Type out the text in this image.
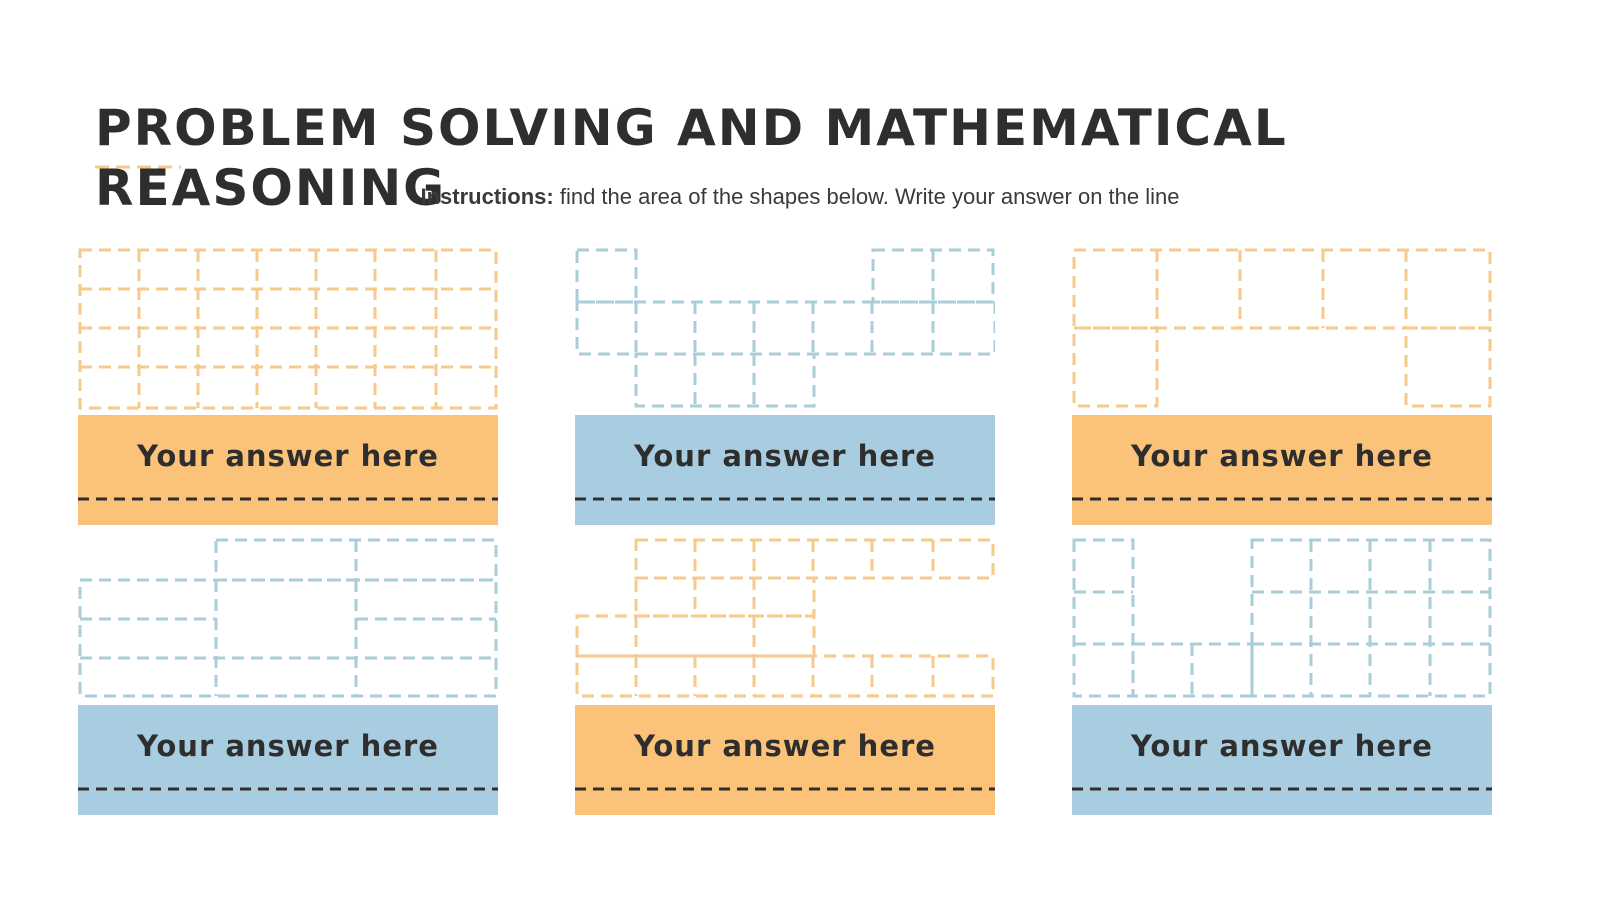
PROBLEM SOLVING AND MATHEMATICAL REASONING

Instructions: find the area of the shapes below. Write your answer on the line

Your answer here	Your answer here	Your answer here
Your answer here	Your answer here	Your answer here
